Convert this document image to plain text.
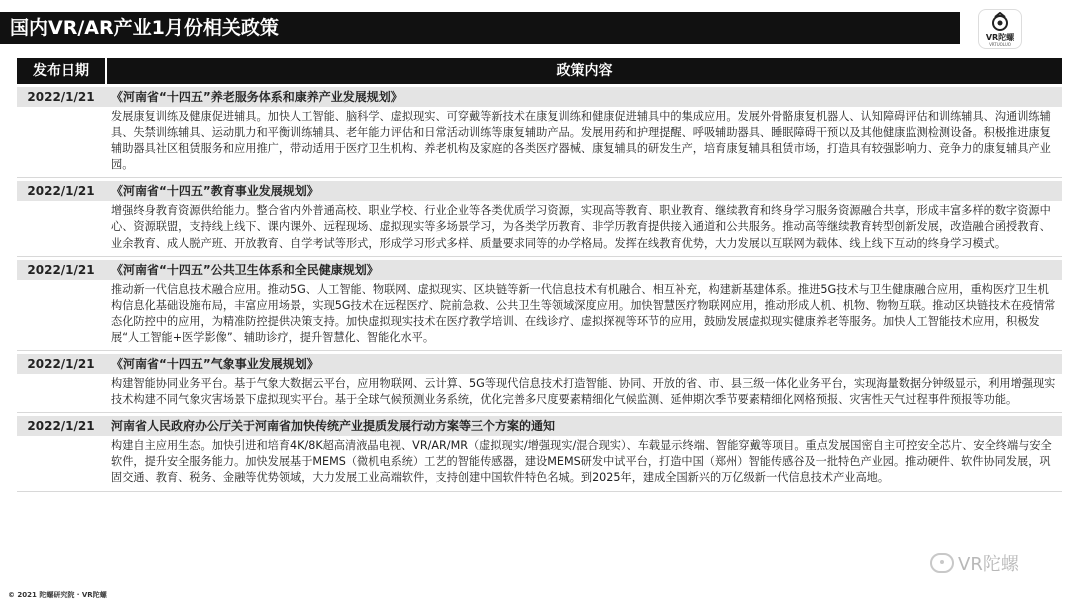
国内VR/AR产业1月份相关政策	VR陀螺
VRTUOLUO
发布日期	政策内容
2022/1/21	《河南省“十四五”养老服务体系和康养产业发展规划》
发展康复训练及健康促进辅具。加快人工智能、脑科学、虚拟现实、可穿戴等新技术在康复训练和健康促进辅具中的集成应用。发展外骨骼康复机器人、认知障碍评估和训练辅具、沟通训练辅具、失禁训练辅具、运动肌力和平衡训练辅具、老年能力评估和日常活动训练等康复辅助产品。发展用药和护理提醒、呼吸辅助器具、睡眠障碍干预以及其他健康监测检测设备。积极推进康复辅助器具社区租赁服务和应用推广，带动适用于医疗卫生机构、养老机构及家庭的各类医疗器械、康复辅具的研发生产，培育康复辅具租赁市场，打造具有较强影响力、竞争力的康复辅具产业园。
2022/1/21	《河南省“十四五”教育事业发展规划》
增强终身教育资源供给能力。整合省内外普通高校、职业学校、行业企业等各类优质学习资源，实现高等教育、职业教育、继续教育和终身学习服务资源融合共享，形成丰富多样的数字资源中心、资源联盟，支持线上线下、课内课外、远程现场、虚拟现实等多场景学习，为各类学历教育、非学历教育提供接入通道和公共服务。推动高等继续教育转型创新发展，改造融合函授教育、业余教育、成人脱产班、开放教育、自学考试等形式，形成学习形式多样、质量要求同等的办学格局。发挥在线教育优势，大力发展以互联网为载体、线上线下互动的终身学习模式。
2022/1/21	《河南省“十四五”公共卫生体系和全民健康规划》
推动新一代信息技术融合应用。推动5G、人工智能、物联网、虚拟现实、区块链等新一代信息技术有机融合、相互补充，构建新基建体系。推进5G技术与卫生健康融合应用，重构医疗卫生机构信息化基础设施布局，丰富应用场景，实现5G技术在远程医疗、院前急救、公共卫生等领域深度应用。加快智慧医疗物联网应用，推动形成人机、机物、物物互联。推动区块链技术在疫情常态化防控中的应用，为精准防控提供决策支持。加快虚拟现实技术在医疗教学培训、在线诊疗、虚拟探视等环节的应用，鼓励发展虚拟现实健康养老等服务。加快人工智能技术应用，积极发展“人工智能+医学影像”、辅助诊疗，提升智慧化、智能化水平。
2022/1/21	《河南省“十四五”气象事业发展规划》
构建智能协同业务平台。基于气象大数据云平台，应用物联网、云计算、5G等现代信息技术打造智能、协同、开放的省、市、县三级一体化业务平台，实现海量数据分钟级显示，利用增强现实技术构建不同气象灾害场景下虚拟现实平台。基于全球气候预测业务系统，优化完善多尺度要素精细化气候监测、延伸期次季节要素精细化网格预报、灾害性天气过程事件预报等功能。
2022/1/21	河南省人民政府办公厅关于河南省加快传统产业提质发展行动方案等三个方案的通知
构建自主应用生态。加快引进和培育4K/8K超高清液晶电视、VR/AR/MR（虚拟现实/增强现实/混合现实）、车载显示终端、智能穿戴等项目。重点发展国密自主可控安全芯片、安全终端与安全软件，提升安全服务能力。加快发展基于MEMS（微机电系统）工艺的智能传感器，建设MEMS研发中试平台，打造中国（郑州）智能传感谷及一批特色产业园。推动硬件、软件协同发展，巩固交通、教育、税务、金融等优势领域，大力发展工业高端软件，支持创建中国软件特色名城。到2025年，建成全国新兴的万亿级新一代信息技术产业高地。
© 2021 陀螺研究院 · VR陀螺
VR陀螺
